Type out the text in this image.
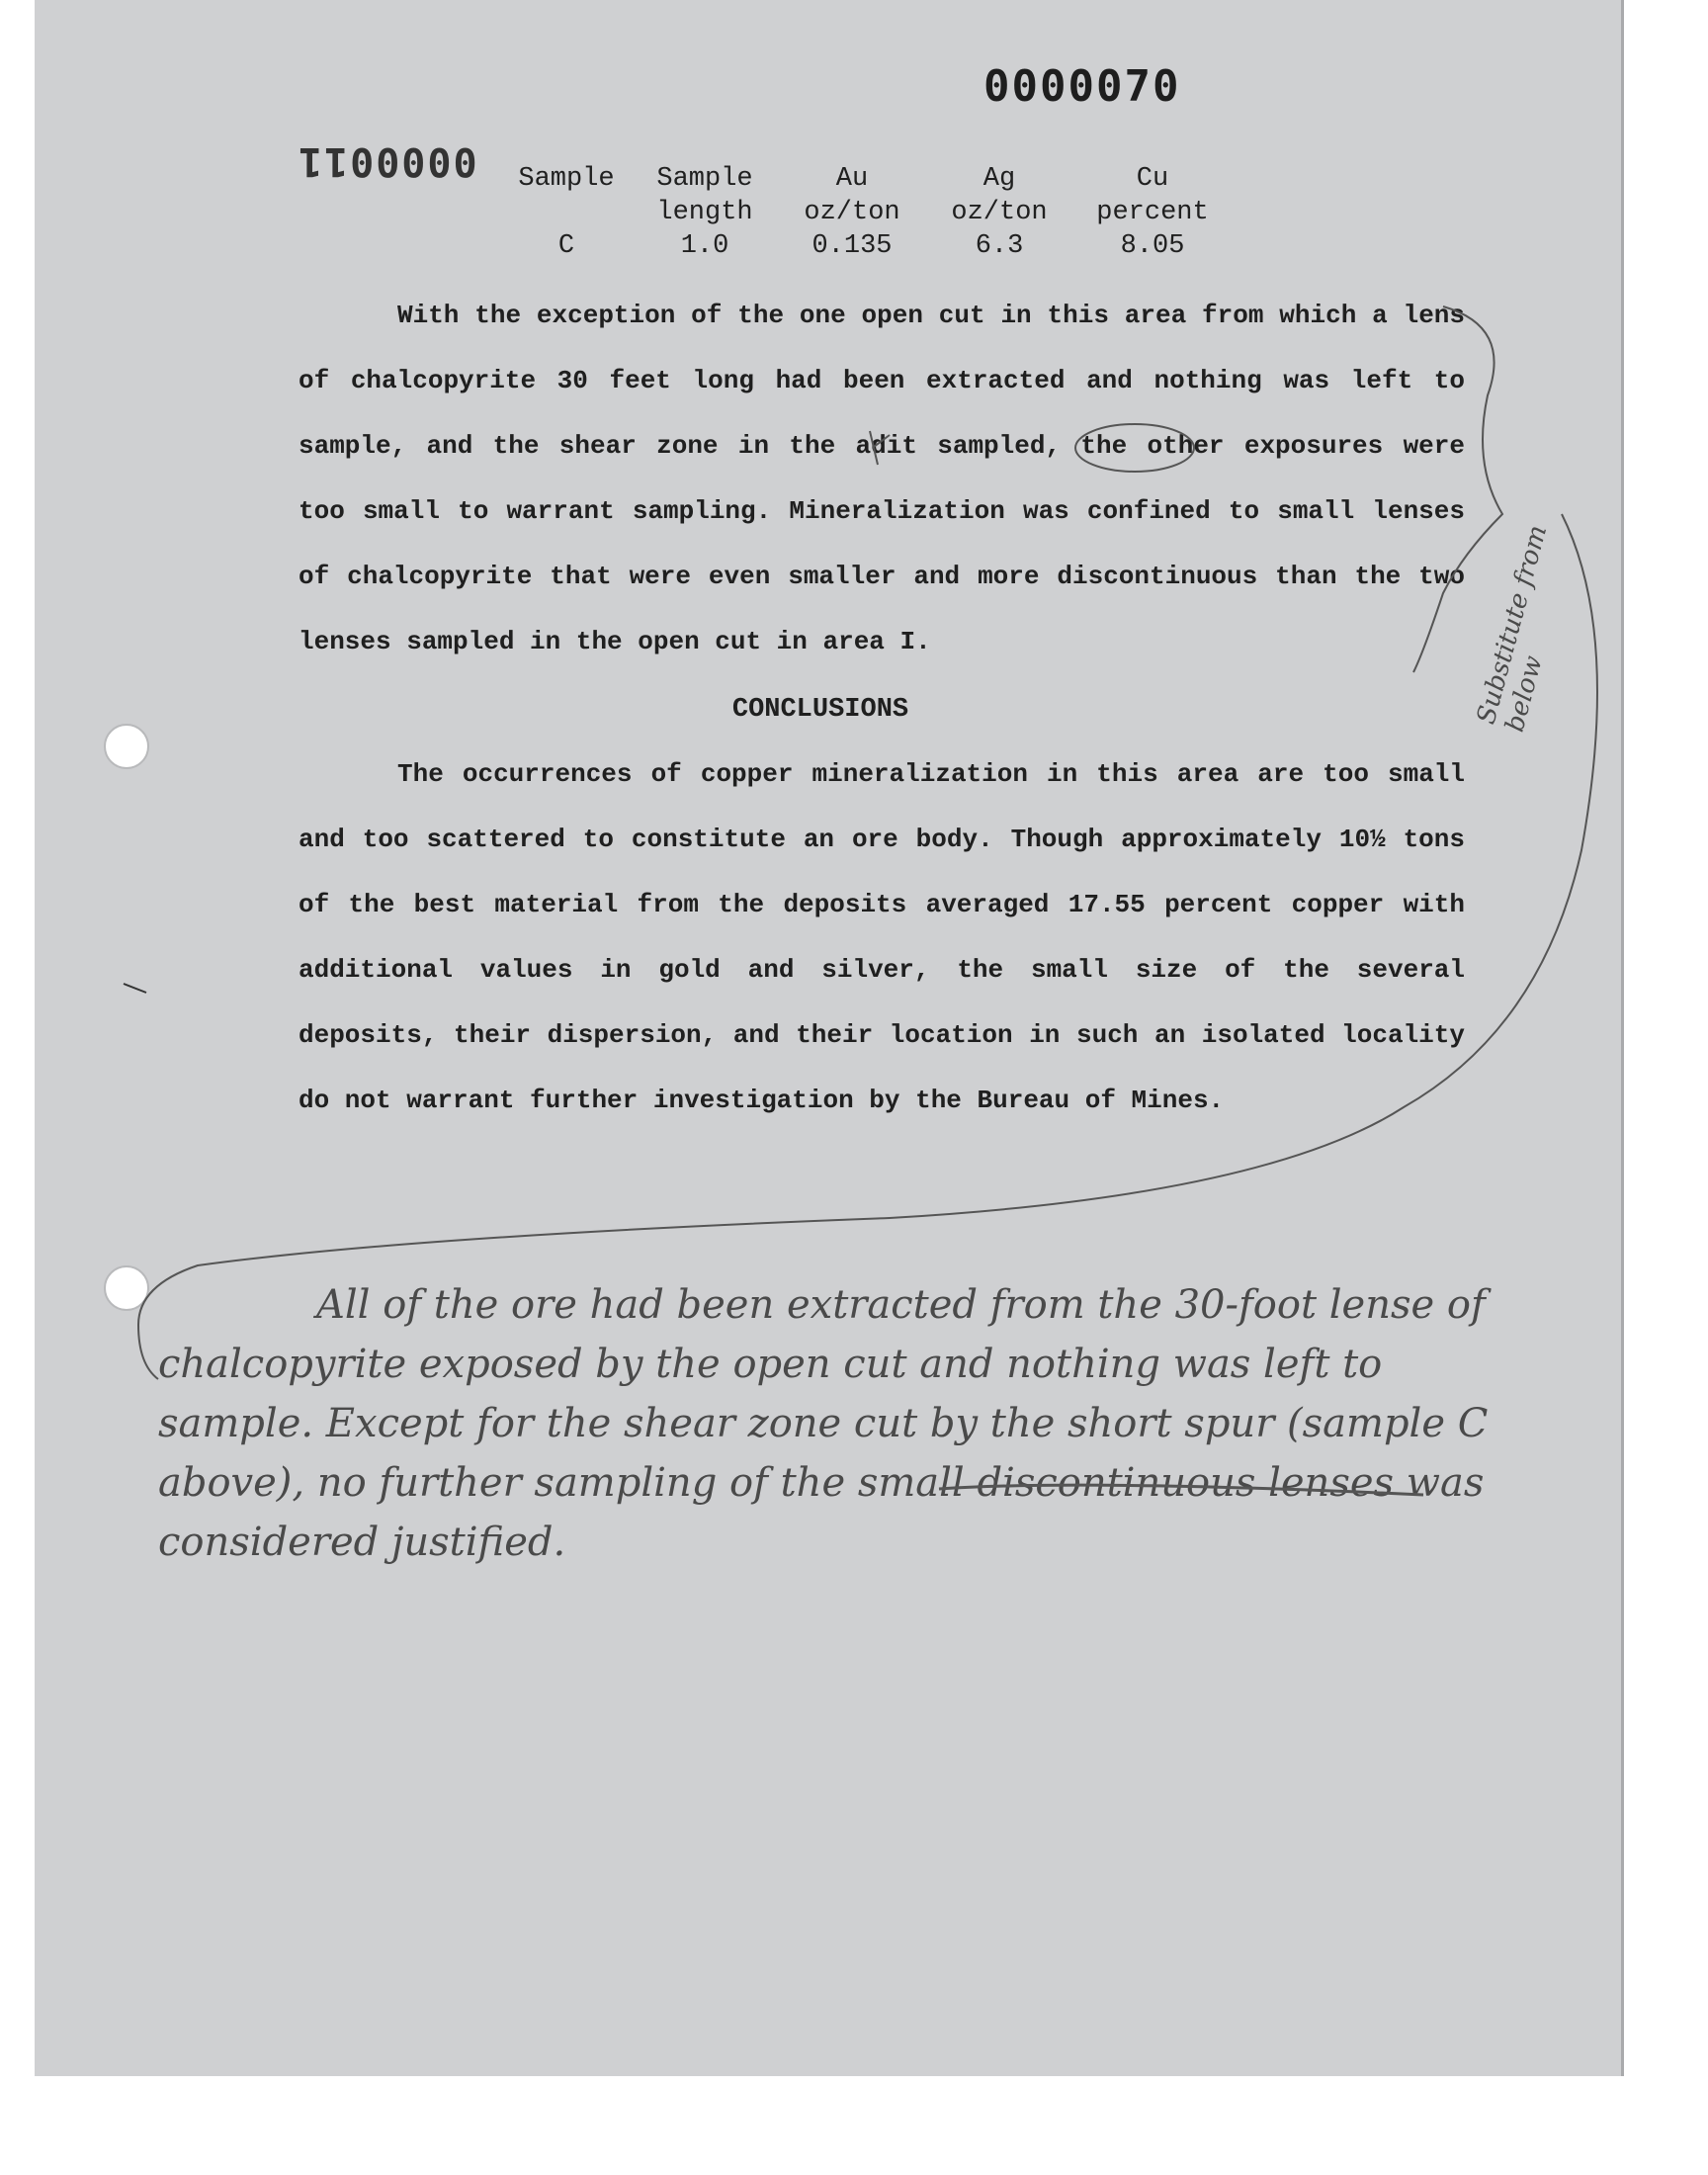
0000070
0000011 Sample	Sample	Au	Ag	Cu
	length	oz/ton	oz/ton	percent
C	1.0	0.135	6.3	8.05

With the exception of the one open cut in this area from which a lens of chalcopyrite 30 feet long had been extracted and nothing was left to sample, and the shear zone in the adit sampled, the other exposures were too small to warrant sampling. Mineralization was confined to small lenses of chalcopyrite that were even smaller and more discontinuous than the two lenses sampled in the open cut in area I.

CONCLUSIONS

The occurrences of copper mineralization in this area are too small and too scattered to constitute an ore body. Though approximately 10½ tons of the best material from the deposits averaged 17.55 percent copper with additional values in gold and silver, the small size of the several deposits, their dispersion, and their location in such an isolated locality do not warrant further investigation by the Bureau of Mines.

Substitute from below

All of the ore had been extracted from the 30-foot lense of chalcopyrite exposed by the open cut and nothing was left to sample. Except for the shear zone cut by the short spur (sample C above), no further sampling of the small discontinuous lenses was considered justified.
